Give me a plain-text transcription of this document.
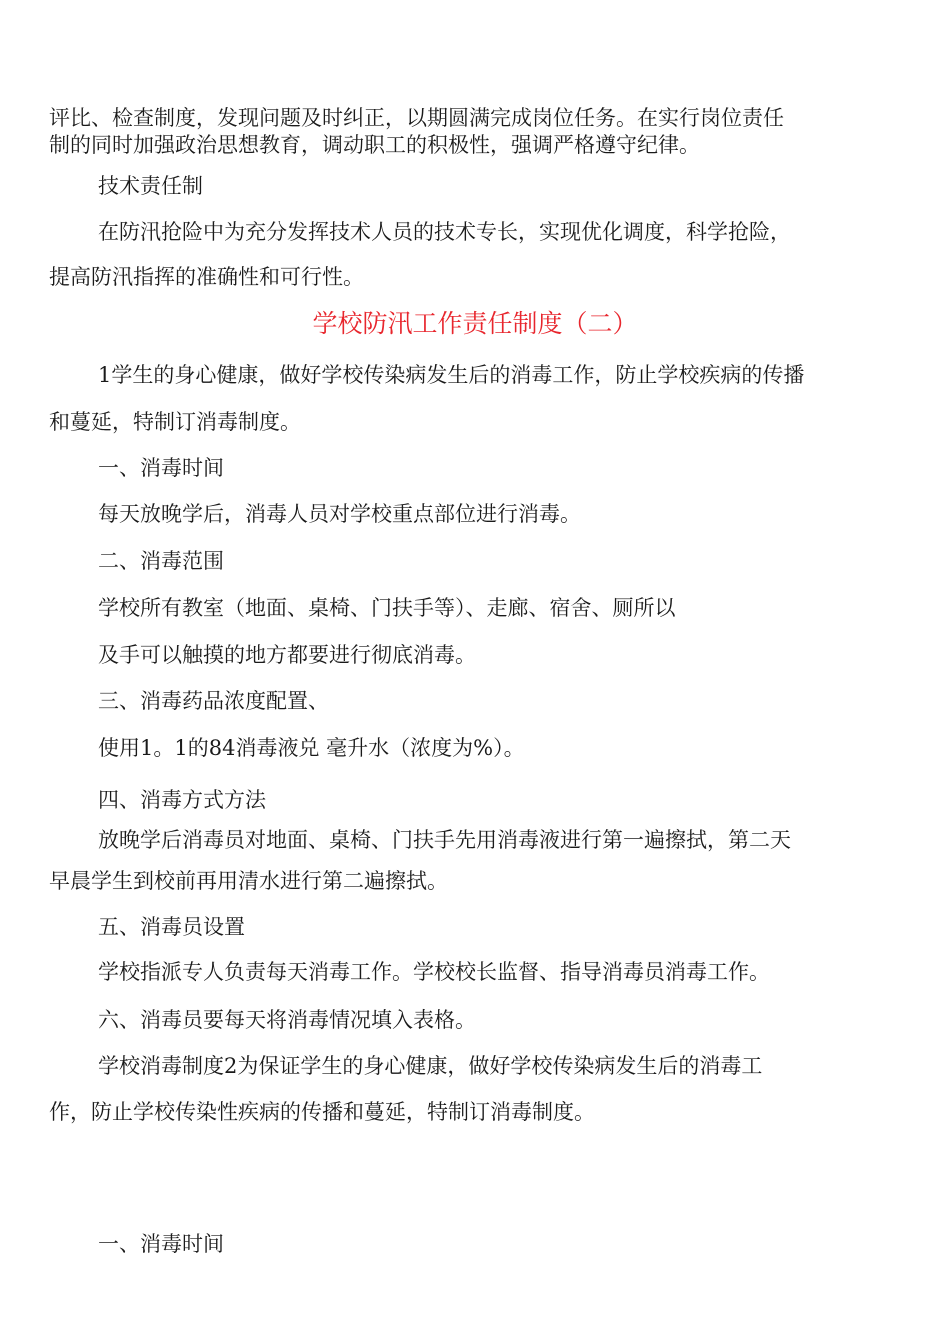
评比、检查制度，发现问题及时纠正，以期圆满完成岗位任务。在实行岗位责任
制的同时加强政治思想教育，调动职工的积极性，强调严格遵守纪律。
技术责任制
在防汛抢险中为充分发挥技术人员的技术专长，实现优化调度，科学抢险，
提高防汛指挥的准确性和可行性。
学校防汛工作责任制度（二）
1学生的身心健康，做好学校传染病发生后的消毒工作，防止学校疾病的传播
和蔓延，特制订消毒制度。
一、消毒时间
每天放晚学后，消毒人员对学校重点部位进行消毒。
二、消毒范围
学校所有教室（地面、桌椅、门扶手等）、走廊、宿舍、厕所以
及手可以触摸的地方都要进行彻底消毒。
三、消毒药品浓度配置、
使用1。1的84消毒液兑 毫升水（浓度为%）。
四、消毒方式方法
放晚学后消毒员对地面、桌椅、门扶手先用消毒液进行第一遍擦拭，第二天
早晨学生到校前再用清水进行第二遍擦拭。
五、消毒员设置
学校指派专人负责每天消毒工作。学校校长监督、指导消毒员消毒工作。
六、消毒员要每天将消毒情况填入表格。
学校消毒制度2为保证学生的身心健康，做好学校传染病发生后的消毒工
作，防止学校传染性疾病的传播和蔓延，特制订消毒制度。
一、消毒时间
